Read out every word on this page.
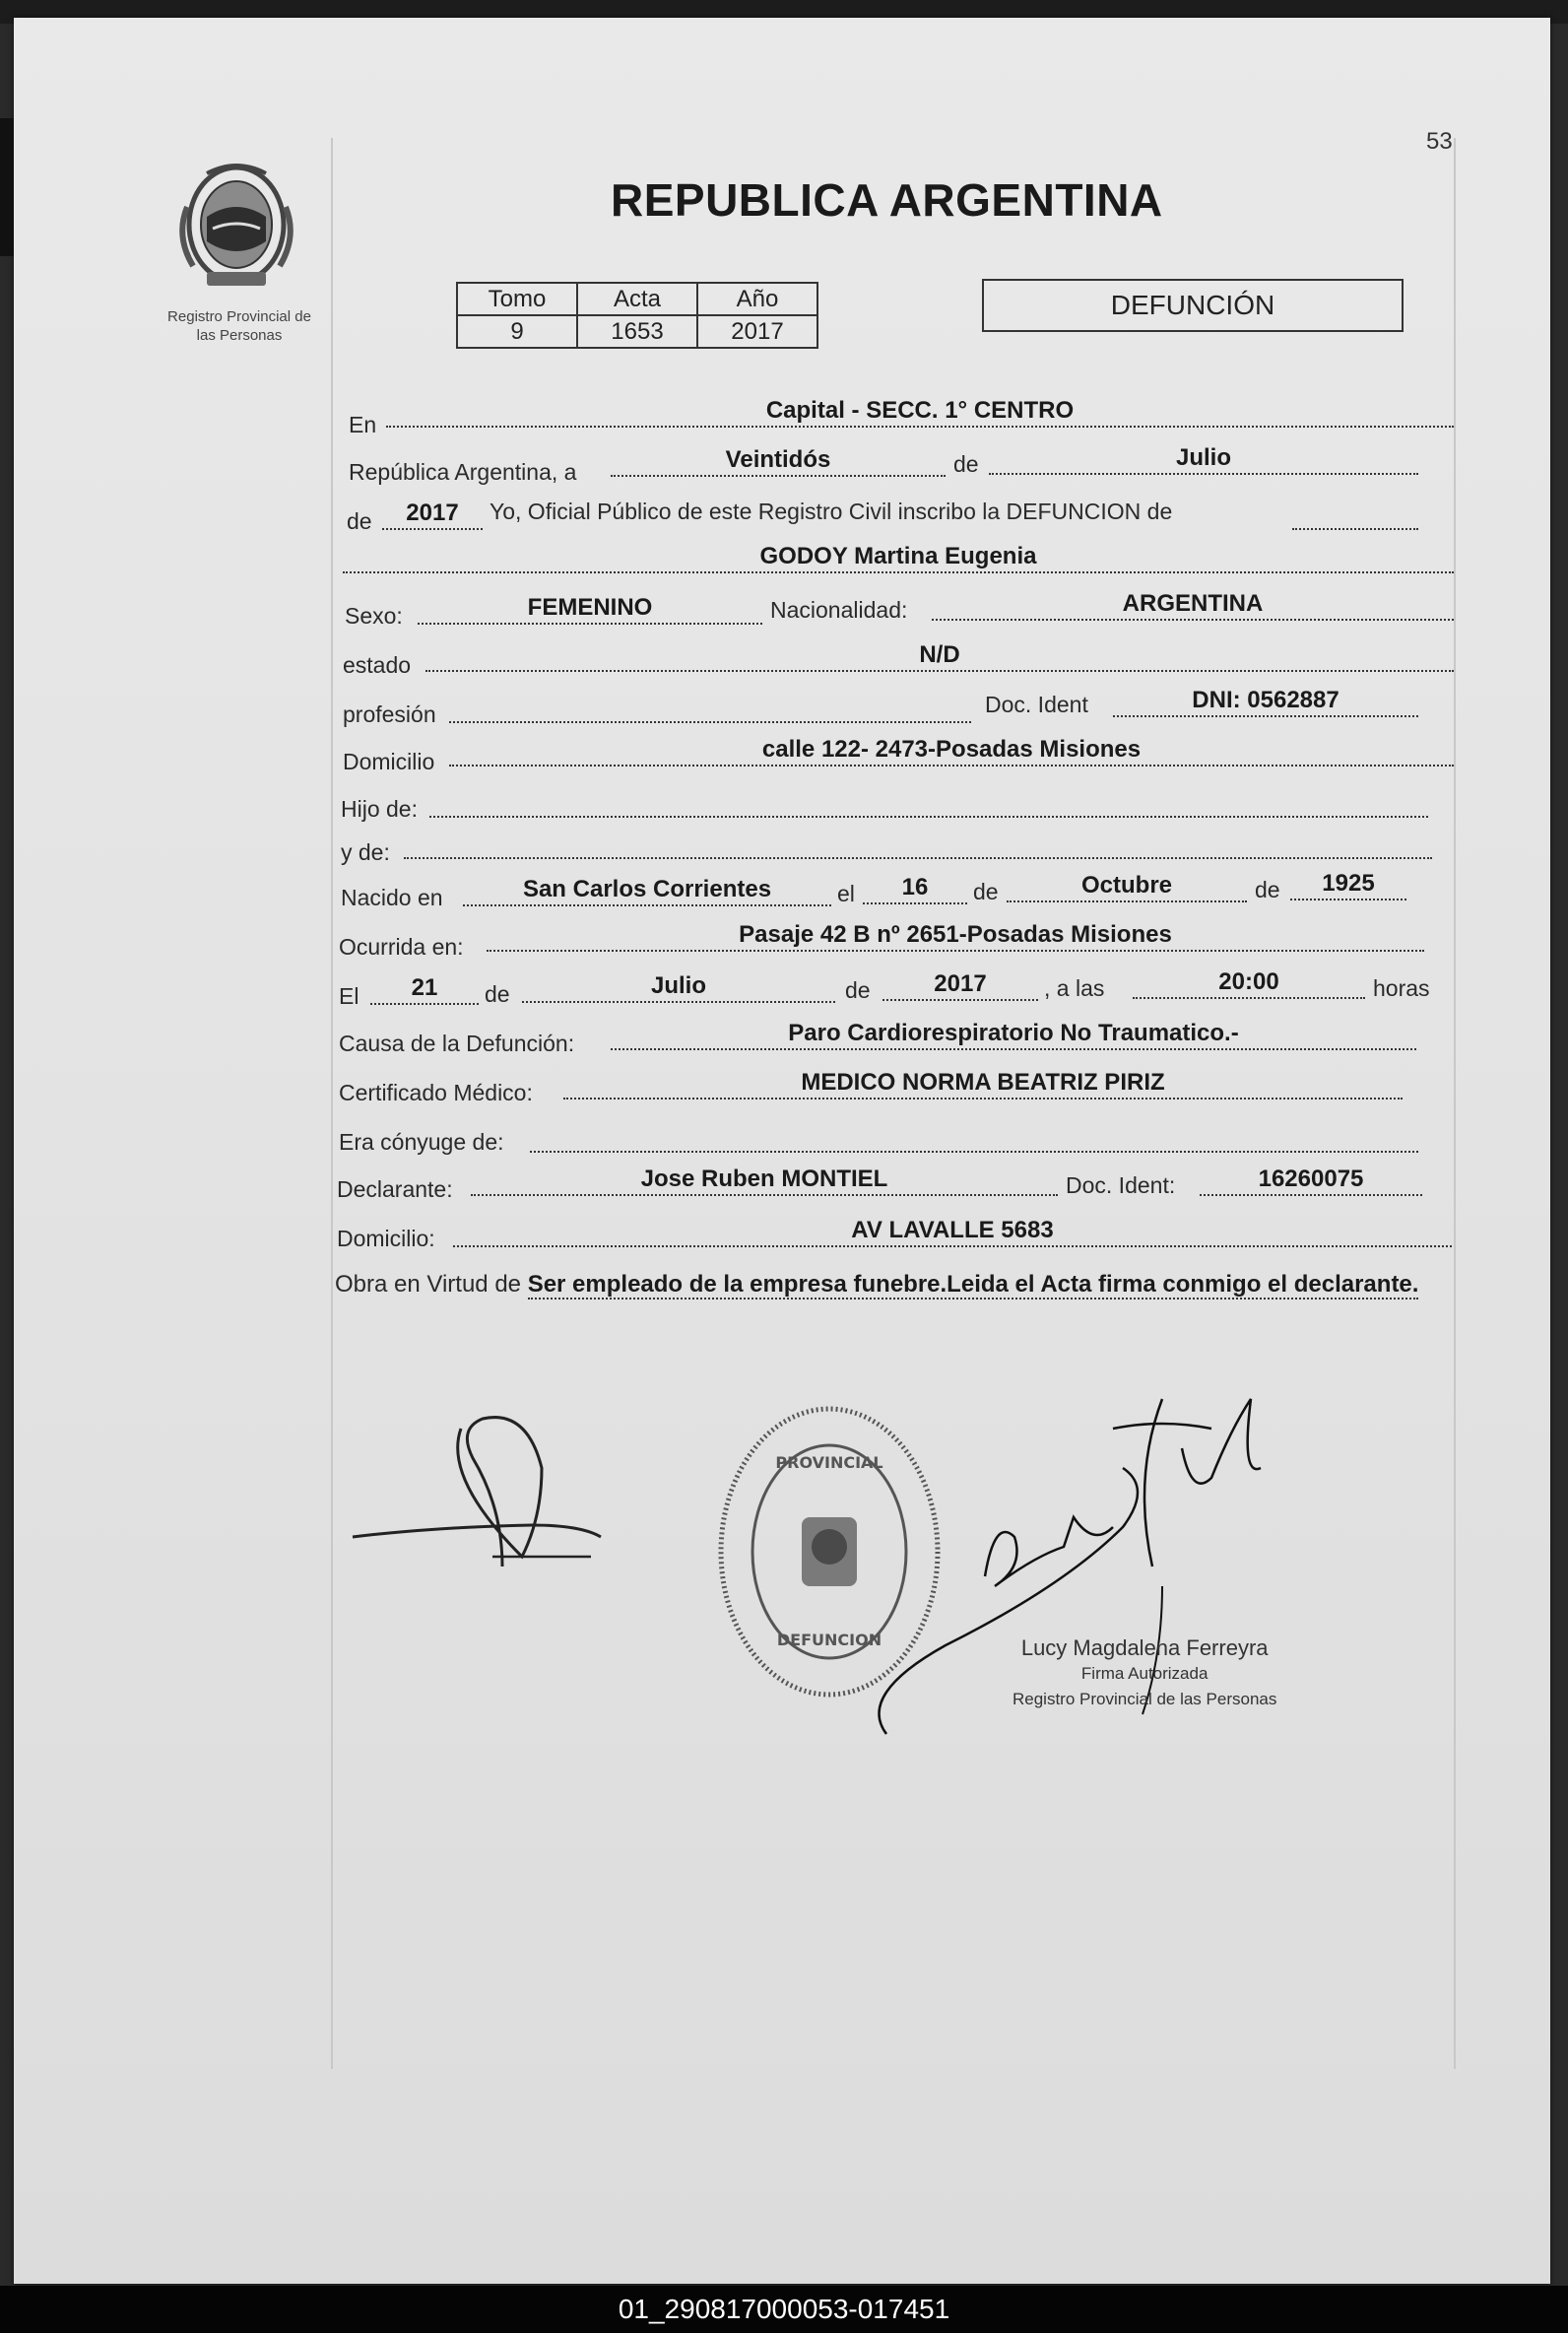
53
Registro Provincial de
las Personas
REPUBLICA ARGENTINA
Tomo	Acta	Año
9	1653	2017
DEFUNCIÓN
En
Capital - SECC. 1° CENTRO
República Argentina, a	Veintidós	de	Julio
de	2017	Yo, Oficial Público de este Registro Civil inscribo la DEFUNCION de
GODOY Martina Eugenia
Sexo:	FEMENINO	Nacionalidad:	ARGENTINA
estado	N/D
profesión	Doc. Ident	DNI: 0562887
Domicilio	calle 122- 2473-Posadas Misiones
Hijo de:
y de:
Nacido en	San Carlos Corrientes	el	16	de	Octubre	de	1925
Ocurrida en:	Pasaje 42 B nº 2651-Posadas Misiones
El	21	de	Julio	de	2017	, a las	20:00	horas
Causa de la Defunción:	Paro Cardiorespiratorio No Traumatico.-
Certificado Médico:	MEDICO NORMA BEATRIZ PIRIZ
Era cónyuge de:
Declarante:	Jose Ruben MONTIEL	Doc. Ident:	16260075
Domicilio:	AV LAVALLE 5683
Obra en Virtud de Ser empleado de la empresa funebre.Leida el Acta firma conmigo el declarante.
PROVINCIAL
DEFUNCION	Lucy Magdalena Ferreyra
Firma Autorizada
Registro Provincial de las Personas
01_290817000053-017451
